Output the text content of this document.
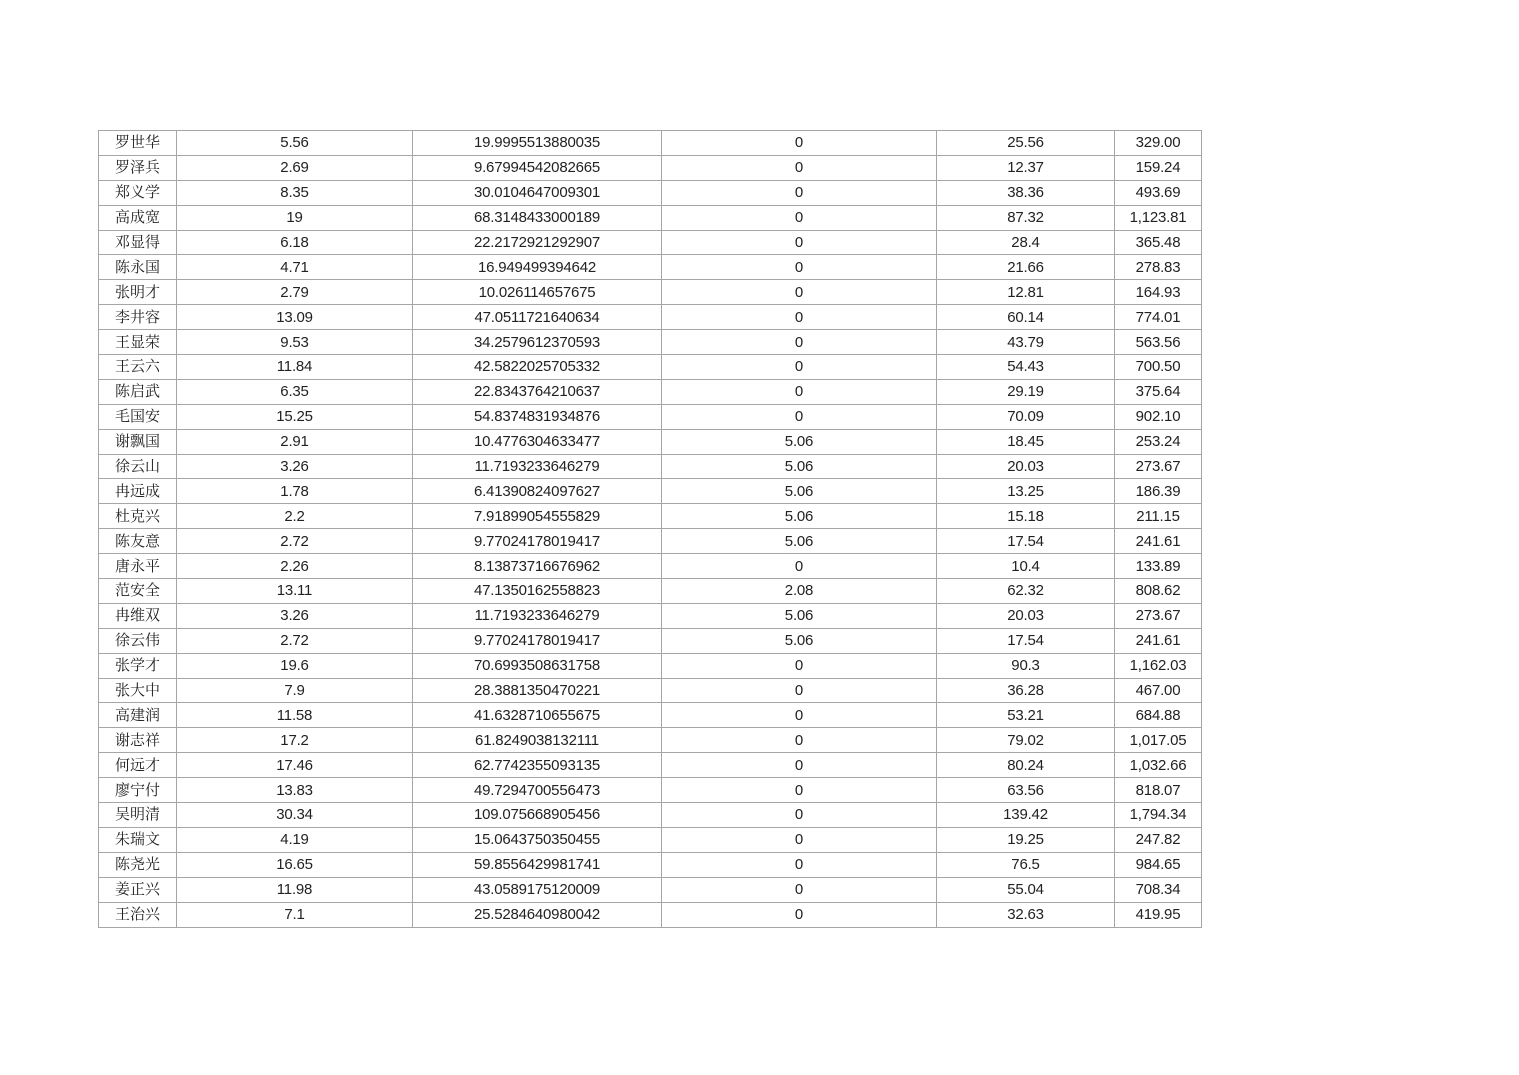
罗世华	5.56	19.9995513880035	0	25.56	329.00
罗泽兵	2.69	9.67994542082665	0	12.37	159.24
郑义学	8.35	30.0104647009301	0	38.36	493.69
高成宽	19	68.3148433000189	0	87.32	1,123.81
邓显得	6.18	22.2172921292907	0	28.4	365.48
陈永国	4.71	16.949499394642	0	21.66	278.83
张明才	2.79	10.026114657675	0	12.81	164.93
李井容	13.09	47.0511721640634	0	60.14	774.01
王显荣	9.53	34.2579612370593	0	43.79	563.56
王云六	11.84	42.5822025705332	0	54.43	700.50
陈启武	6.35	22.8343764210637	0	29.19	375.64
毛国安	15.25	54.8374831934876	0	70.09	902.10
谢飘国	2.91	10.4776304633477	5.06	18.45	253.24
徐云山	3.26	11.7193233646279	5.06	20.03	273.67
冉远成	1.78	6.41390824097627	5.06	13.25	186.39
杜克兴	2.2	7.91899054555829	5.06	15.18	211.15
陈友意	2.72	9.77024178019417	5.06	17.54	241.61
唐永平	2.26	8.13873716676962	0	10.4	133.89
范安全	13.11	47.1350162558823	2.08	62.32	808.62
冉维双	3.26	11.7193233646279	5.06	20.03	273.67
徐云伟	2.72	9.77024178019417	5.06	17.54	241.61
张学才	19.6	70.6993508631758	0	90.3	1,162.03
张大中	7.9	28.3881350470221	0	36.28	467.00
高建润	11.58	41.6328710655675	0	53.21	684.88
谢志祥	17.2	61.8249038132111	0	79.02	1,017.05
何远才	17.46	62.7742355093135	0	80.24	1,032.66
廖宁付	13.83	49.7294700556473	0	63.56	818.07
吴明清	30.34	109.075668905456	0	139.42	1,794.34
朱瑞文	4.19	15.0643750350455	0	19.25	247.82
陈尧光	16.65	59.8556429981741	0	76.5	984.65
姜正兴	11.98	43.0589175120009	0	55.04	708.34
王治兴	7.1	25.5284640980042	0	32.63	419.95
